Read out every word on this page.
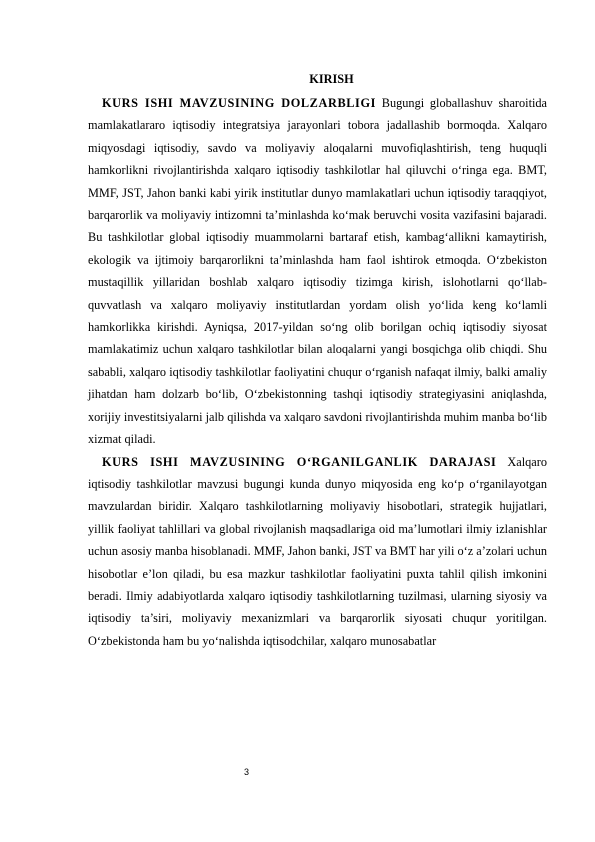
KIRISH

KURS ISHI MAVZUSINING DOLZARBLIGI Bugungi globallashuv sharoitida mamlakatlararo iqtisodiy integratsiya jarayonlari tobora jadallashib bormoqda. Xalqaro miqyosdagi iqtisodiy, savdo va moliyaviy aloqalarni muvofiqlashtirish, teng huquqli hamkorlikni rivojlantirishda xalqaro iqtisodiy tashkilotlar hal qiluvchi o‘ringa ega. BMT, MMF, JST, Jahon banki kabi yirik institutlar dunyo mamlakatlari uchun iqtisodiy taraqqiyot, barqarorlik va moliyaviy intizomni ta’minlashda ko‘mak beruvchi vosita vazifasini bajaradi. Bu tashkilotlar global iqtisodiy muammolarni bartaraf etish, kambag‘allikni kamaytirish, ekologik va ijtimoiy barqarorlikni ta’minlashda ham faol ishtirok etmoqda. O‘zbekiston mustaqillik yillaridan boshlab xalqaro iqtisodiy tizimga kirish, islohotlarni qo‘llab-quvvatlash va xalqaro moliyaviy institutlardan yordam olish yo‘lida keng ko‘lamli hamkorlikka kirishdi. Ayniqsa, 2017-yildan so‘ng olib borilgan ochiq iqtisodiy siyosat mamlakatimiz uchun xalqaro tashkilotlar bilan aloqalarni yangi bosqichga olib chiqdi. Shu sababli, xalqaro iqtisodiy tashkilotlar faoliyatini chuqur o‘rganish nafaqat ilmiy, balki amaliy jihatdan ham dolzarb bo‘lib, O‘zbekistonning tashqi iqtisodiy strategiyasini aniqlashda, xorijiy investitsiyalarni jalb qilishda va xalqaro savdoni rivojlantirishda muhim manba bo‘lib xizmat qiladi.

KURS ISHI MAVZUSINING O‘RGANILGANLIK DARAJASI Xalqaro iqtisodiy tashkilotlar mavzusi bugungi kunda dunyo miqyosida eng ko‘p o‘rganilayotgan mavzulardan biridir. Xalqaro tashkilotlarning moliyaviy hisobotlari, strategik hujjatlari, yillik faoliyat tahlillari va global rivojlanish maqsadlariga oid ma’lumotlari ilmiy izlanishlar uchun asosiy manba hisoblanadi. MMF, Jahon banki, JST va BMT har yili o‘z a’zolari uchun hisobotlar e’lon qiladi, bu esa mazkur tashkilotlar faoliyatini puxta tahlil qilish imkonini beradi. Ilmiy adabiyotlarda xalqaro iqtisodiy tashkilotlarning tuzilmasi, ularning siyosiy va iqtisodiy ta’siri, moliyaviy mexanizmlari va barqarorlik siyosati chuqur yoritilgan. O‘zbekistonda ham bu yo‘nalishda iqtisodchilar, xalqaro munosabatlar

3
